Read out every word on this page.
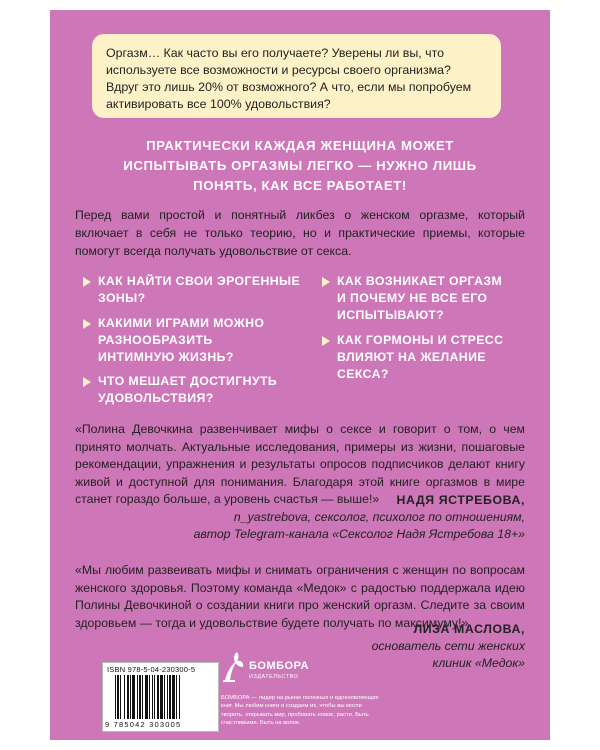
Оргазм… Как часто вы его получаете? Уверены ли вы, что используете все возможности и ресурсы своего организма? Вдруг это лишь 20% от возможного? А что, если мы попробуем активировать все 100% удовольствия?
ПРАКТИЧЕСКИ КАЖДАЯ ЖЕНЩИНА МОЖЕТ
ИСПЫТЫВАТЬ ОРГАЗМЫ ЛЕГКО — НУЖНО ЛИШЬ
ПОНЯТЬ, КАК ВСЕ РАБОТАЕТ!
Перед вами простой и понятный ликбез о женском оргазме, который включает в себя не только теорию, но и практические приемы, которые помогут всегда получать удовольствие от секса.
КАК НАЙТИ СВОИ ЭРОГЕННЫЕ
ЗОНЫ?
КАКИМИ ИГРАМИ МОЖНО
РАЗНООБРАЗИТЬ
ИНТИМНУЮ ЖИЗНЬ?
ЧТО МЕШАЕТ ДОСТИГНУТЬ
УДОВОЛЬСТВИЯ?
КАК ВОЗНИКАЕТ ОРГАЗМ
И ПОЧЕМУ НЕ ВСЕ ЕГО
ИСПЫТЫВАЮТ?
КАК ГОРМОНЫ И СТРЕСС
ВЛИЯЮТ НА ЖЕЛАНИЕ
СЕКСА?
«Полина Девочкина развенчивает мифы о сексе и говорит о том, о чем принято молчать. Актуальные исследования, примеры из жизни, пошаговые рекомендации, упражнения и результаты опросов подписчиков делают книгу живой и доступной для понимания. Благодаря этой книге оргазмов в мире станет гораздо больше, а уровень счастья — выше!»	НАДЯ ЯСТРЕБОВА,
n_yastrebova, сексолог, психолог по отношениям,
автор Telegram-канала «Сексолог Надя Ястребова 18+»
«Мы любим развеивать мифы и снимать ограничения с женщин по вопросам женского здоровья. Поэтому команда «Медок» с радостью поддержала идею Полины Девочкиной о создании книги про женский оргазм. Следите за своим здоровьем — тогда и удовольствие будете получать по максимуму!»
ЛИЗА МАСЛОВА,
основатель сети женских
клиник «Медок»
ISBN 978-5-04-230300-5
9 785042 303005
БОМБОРА
ИЗДАТЕЛЬСТВО
БОМБОРА — лидер на рынке полезных и вдохновляющих книг. Мы любим книги и создаем их, чтобы вы могли творить, открывать мир, пробовать новое, расти. Быть счастливыми. Быть на волне.
